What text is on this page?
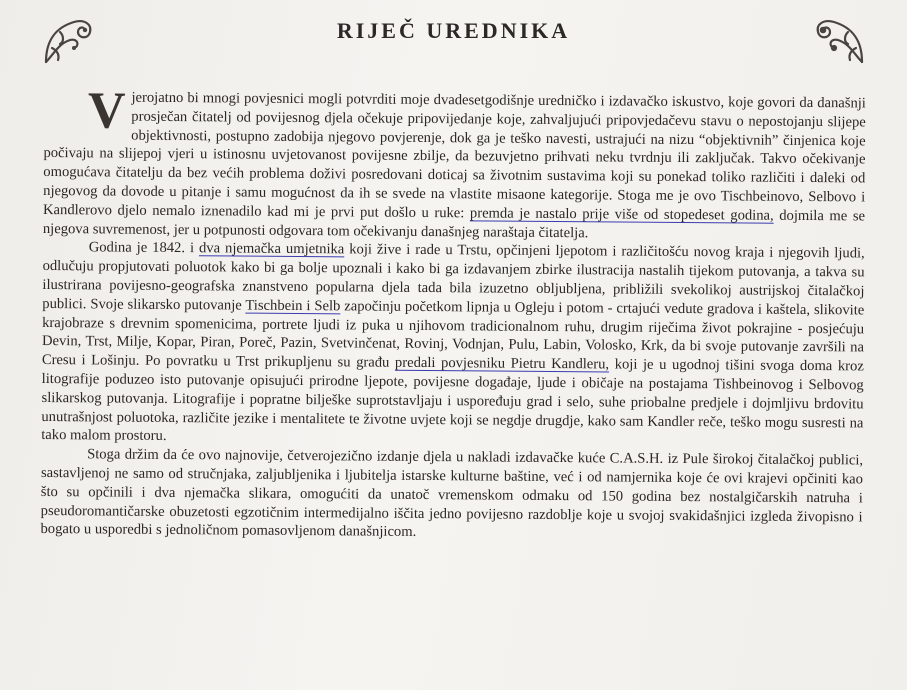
RIJEČ UREDNIKA

Vjerojatno bi mnogi povjesnici mogli potvrditi moje dvadesetgodišnje uredničko i izdavačko iskustvo, koje govori da današnji prosječan čitatelj od povijesnog djela očekuje pripovijedanje koje, zahvaljujući pripovjedačevu stavu o nepostojanju slijepe objektivnosti, postupno zadobija njegovo povjerenje, dok ga je teško navesti, ustrajući na nizu “objektivnih” činjenica koje počivaju na slijepoj vjeri u istinosnu uvjetovanost povijesne zbilje, da bezuvjetno prihvati neku tvrdnju ili zaključak. Takvo očekivanje omogućava čitatelju da bez većih problema doživi posredovani doticaj sa životnim sustavima koji su ponekad toliko različiti i daleki od njegovog da dovode u pitanje i samu mogućnost da ih se svede na vlastite misaone kategorije. Stoga me je ovo Tischbeinovo, Selbovo i Kandlerovo djelo nemalo iznenadilo kad mi je prvi put došlo u ruke: premda je nastalo prije više od stopedeset godina, dojmila me se njegova suvremenost, jer u potpunosti odgovara tom očekivanju današnjeg naraštaja čitatelja.

Godina je 1842. i dva njemačka umjetnika koji žive i rade u Trstu, opčinjeni ljepotom i različitošću novog kraja i njegovih ljudi, odlučuju propjutovati poluotok kako bi ga bolje upoznali i kako bi ga izdavanjem zbirke ilustracija nastalih tijekom putovanja, a takva su ilustrirana povijesno-geografska znanstveno popularna djela tada bila izuzetno obljubljena, približili svekolikoj austrijskoj čitalačkoj publici. Svoje slikarsko putovanje Tischbein i Selb započinju početkom lipnja u Ogleju i potom - crtajući vedute gradova i kaštela, slikovite krajobraze s drevnim spomenicima, portrete ljudi iz puka u njihovom tradicionalnom ruhu, drugim riječima život pokrajine - posjećuju Devin, Trst, Milje, Kopar, Piran, Poreč, Pazin, Svetvinčenat, Rovinj, Vodnjan, Pulu, Labin, Volosko, Krk, da bi svoje putovanje završili na Cresu i Lošinju. Po povratku u Trst prikupljenu su građu predali povjesniku Pietru Kandleru, koji je u ugodnoj tišini svoga doma kroz litografije poduzeo isto putovanje opisujući prirodne ljepote, povijesne događaje, ljude i običaje na postajama Tishbeinovog i Selbovog slikarskog putovanja. Litografije i popratne bilješke suprotstavljaju i uspoređuju grad i selo, suhe priobalne predjele i dojmljivu brdovitu unutrašnjost poluotoka, različite jezike i mentalitete te životne uvjete koji se negdje drugdje, kako sam Kandler reče, teško mogu susresti na tako malom prostoru.

Stoga držim da će ovo najnovije, četverojezično izdanje djela u nakladi izdavačke kuće C.A.S.H. iz Pule širokoj čitalačkoj publici, sastavljenoj ne samo od stručnjaka, zaljubljenika i ljubitelja istarske kulturne baštine, već i od namjernika koje će ovi krajevi opčiniti kao što su opčinili i dva njemačka slikara, omogućiti da unatoč vremenskom odmaku od 150 godina bez nostalgičarskih natruha i pseudoromantičarske obuzetosti egzotičnim intermedijalno iščita jedno povijesno razdoblje koje u svojoj svakidašnjici izgleda živopisno i bogato u usporedbi s jednoličnom pomasovljenom današnjicom.
